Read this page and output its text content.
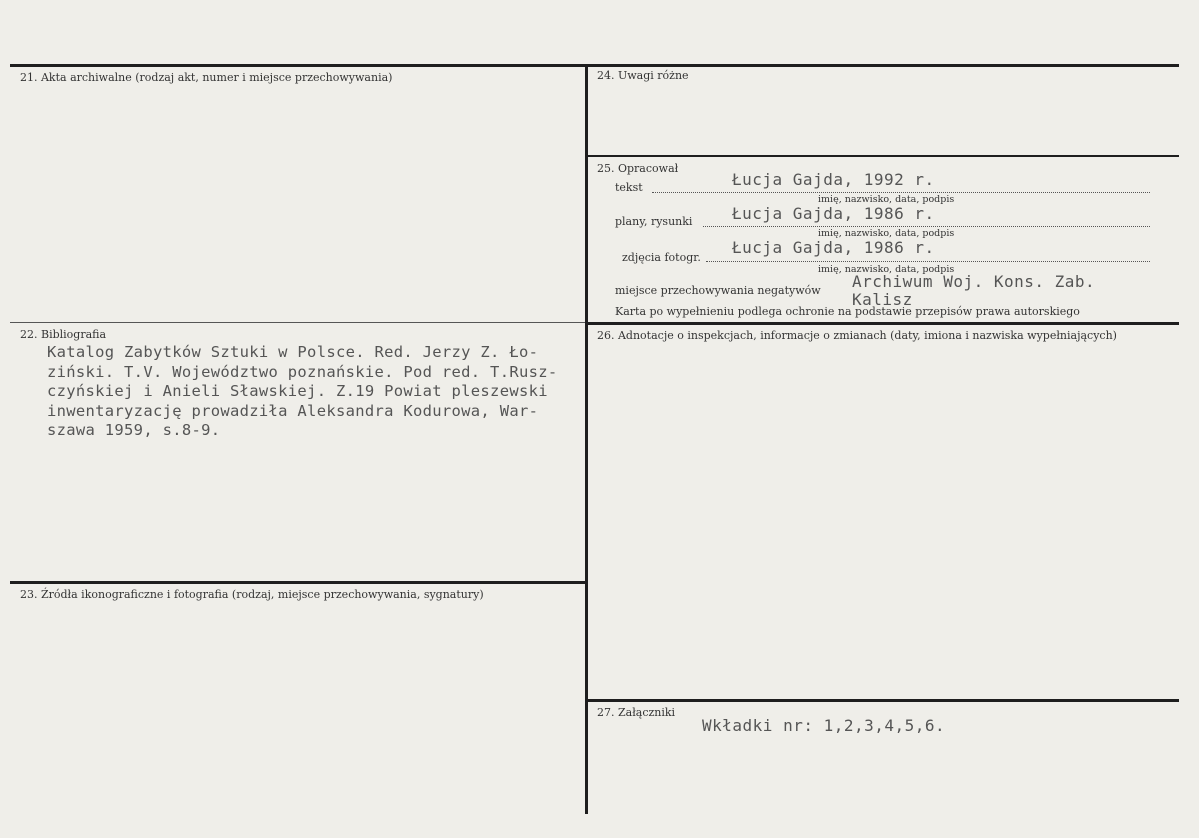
21. Akta archiwalne (rodzaj akt, numer i miejsce przechowywania)
22. Bibliografia
Katalog Zabytków Sztuki w Polsce. Red. Jerzy Z. Ło-
ziński. T.V. Województwo poznańskie. Pod red. T.Rusz-
czyńskiej i Anieli Sławskiej. Z.19 Powiat pleszewski
inwentaryzację prowadziła Aleksandra Kodurowa, War-
szawa 1959, s.8-9.
23. Źródła ikonograficzne i fotografia (rodzaj, miejsce przechowywania, sygnatury)
24. Uwagi różne
25. Opracował
tekst	Łucja Gajda, 1992 r.
imię, nazwisko, data, podpis
plany, rysunki Łucja Gajda, 1986 r.
imię, nazwisko, data, podpis
zdjęcia fotogr.
Łucja Gajda, 1986 r.
imię, nazwisko, data, podpis
miejsce przechowywania negatywów Archiwum Woj. Kons. Zab.
Kalisz
Karta po wypełnieniu podlega ochronie na podstawie przepisów prawa autorskiego
26. Adnotacje o inspekcjach, informacje o zmianach (daty, imiona i nazwiska wypełniających)
27. Załączniki
Wkładki nr: 1,2,3,4,5,6.
